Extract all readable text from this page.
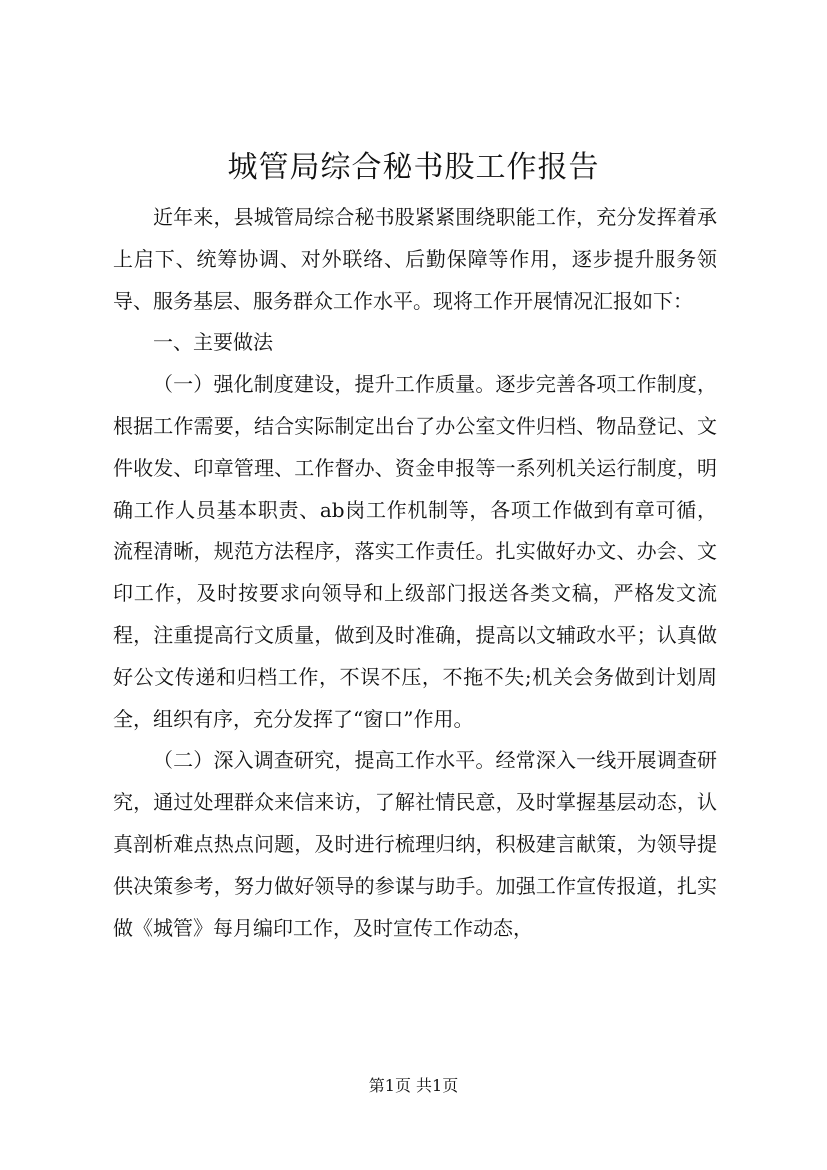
城管局综合秘书股工作报告

近年来，县城管局综合秘书股紧紧围绕职能工作，充分发挥着承上启下、统筹协调、对外联络、后勤保障等作用，逐步提升服务领导、服务基层、服务群众工作水平。现将工作开展情况汇报如下：

一、主要做法

（一）强化制度建设，提升工作质量。逐步完善各项工作制度，根据工作需要，结合实际制定出台了办公室文件归档、物品登记、文件收发、印章管理、工作督办、资金申报等一系列机关运行制度，明确工作人员基本职责、ab岗工作机制等，各项工作做到有章可循，流程清晰，规范方法程序，落实工作责任。扎实做好办文、办会、文印工作，及时按要求向领导和上级部门报送各类文稿，严格发文流程，注重提高行文质量，做到及时准确，提高以文辅政水平；认真做好公文传递和归档工作，不误不压，不拖不失;机关会务做到计划周全，组织有序，充分发挥了“窗口”作用。

（二）深入调查研究，提高工作水平。经常深入一线开展调查研究，通过处理群众来信来访，了解社情民意，及时掌握基层动态，认真剖析难点热点问题，及时进行梳理归纳，积极建言献策，为领导提供决策参考，努力做好领导的参谋与助手。加强工作宣传报道，扎实做《城管》每月编印工作，及时宣传工作动态，

第1页 共1页
